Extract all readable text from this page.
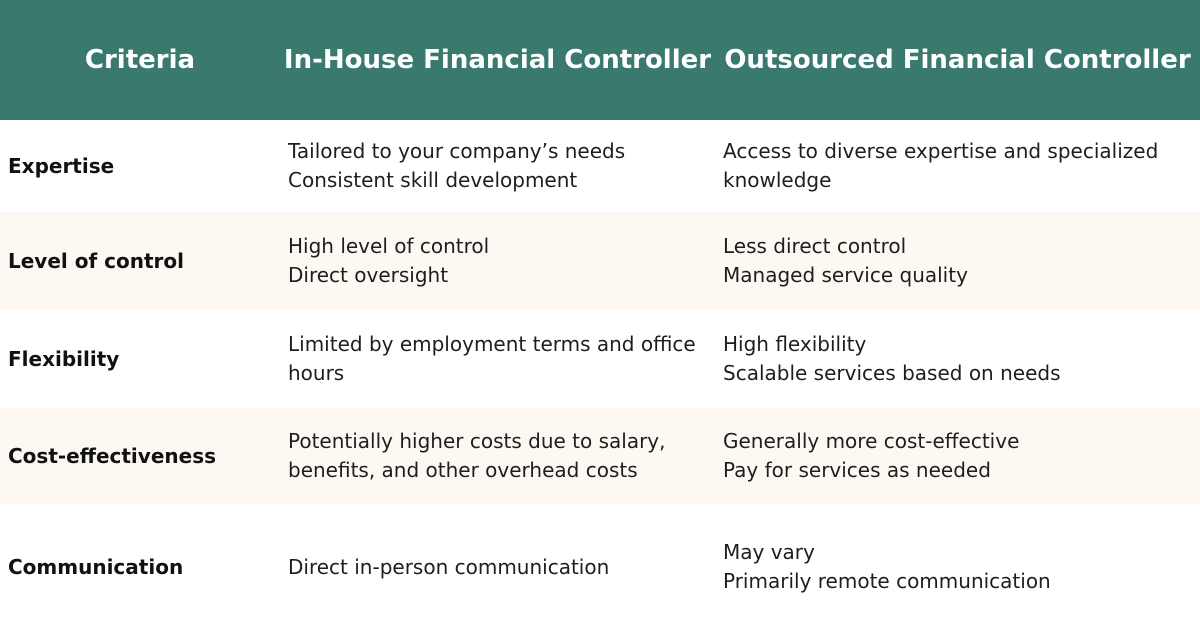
Criteria	In-House Financial Controller Outsourced Financial Controller
Expertise
Tailored to your company’s needs
Consistent skill development
Access to diverse expertise and specialized
knowledge
Level of control
High level of control
Direct oversight
Less direct control
Managed service quality
Flexibility
Limited by employment terms and office
hours
High flexibility
Scalable services based on needs
Cost-effectiveness
Potentially higher costs due to salary,
benefits, and other overhead costs
Generally more cost-effective
Pay for services as needed
Communication	Direct in-person communication
May vary
Primarily remote communication
